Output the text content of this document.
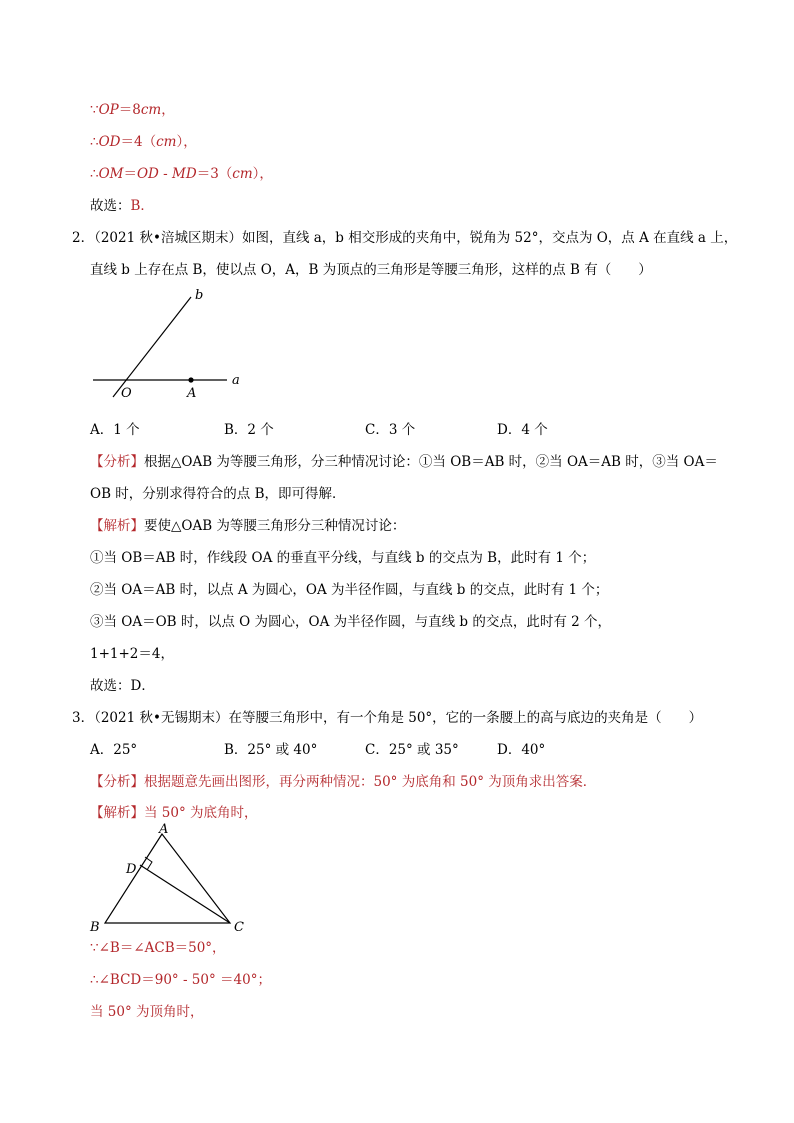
∵OP＝8cm，
∴OD＝4（cm），
∴OM＝OD - MD＝3（cm），
故选：B．
2．（2021 秋•涪城区期末）如图，直线 a，b 相交形成的夹角中，锐角为 52°，交点为 O，点 A 在直线 a 上，
直线 b 上存在点 B，使以点 O，A，B 为顶点的三角形是等腰三角形，这样的点 B 有（　　）
b
a
O	A
A．1 个	B．2 个	C．3 个	D．4 个
【分析】根据△OAB 为等腰三角形，分三种情况讨论：①当 OB＝AB 时，②当 OA＝AB 时，③当 OA＝
OB 时，分别求得符合的点 B，即可得解．
【解析】要使△OAB 为等腰三角形分三种情况讨论：
①当 OB＝AB 时，作线段 OA 的垂直平分线，与直线 b 的交点为 B，此时有 1 个；
②当 OA＝AB 时，以点 A 为圆心，OA 为半径作圆，与直线 b 的交点，此时有 1 个；
③当 OA＝OB 时，以点 O 为圆心，OA 为半径作圆，与直线 b 的交点，此时有 2 个，
1+1+2＝4，
故选：D．
3．（2021 秋•无锡期末）在等腰三角形中，有一个角是 50°，它的一条腰上的高与底边的夹角是（　　）
A．25°	B．25° 或 40°	C．25° 或 35°	D．40°
【分析】根据题意先画出图形，再分两种情况：50° 为底角和 50° 为顶角求出答案．
【解析】当 50° 为底角时，
A
B	C
D
∵∠B＝∠ACB＝50°，
∴∠BCD＝90° - 50° ＝40°；
当 50° 为顶角时，
